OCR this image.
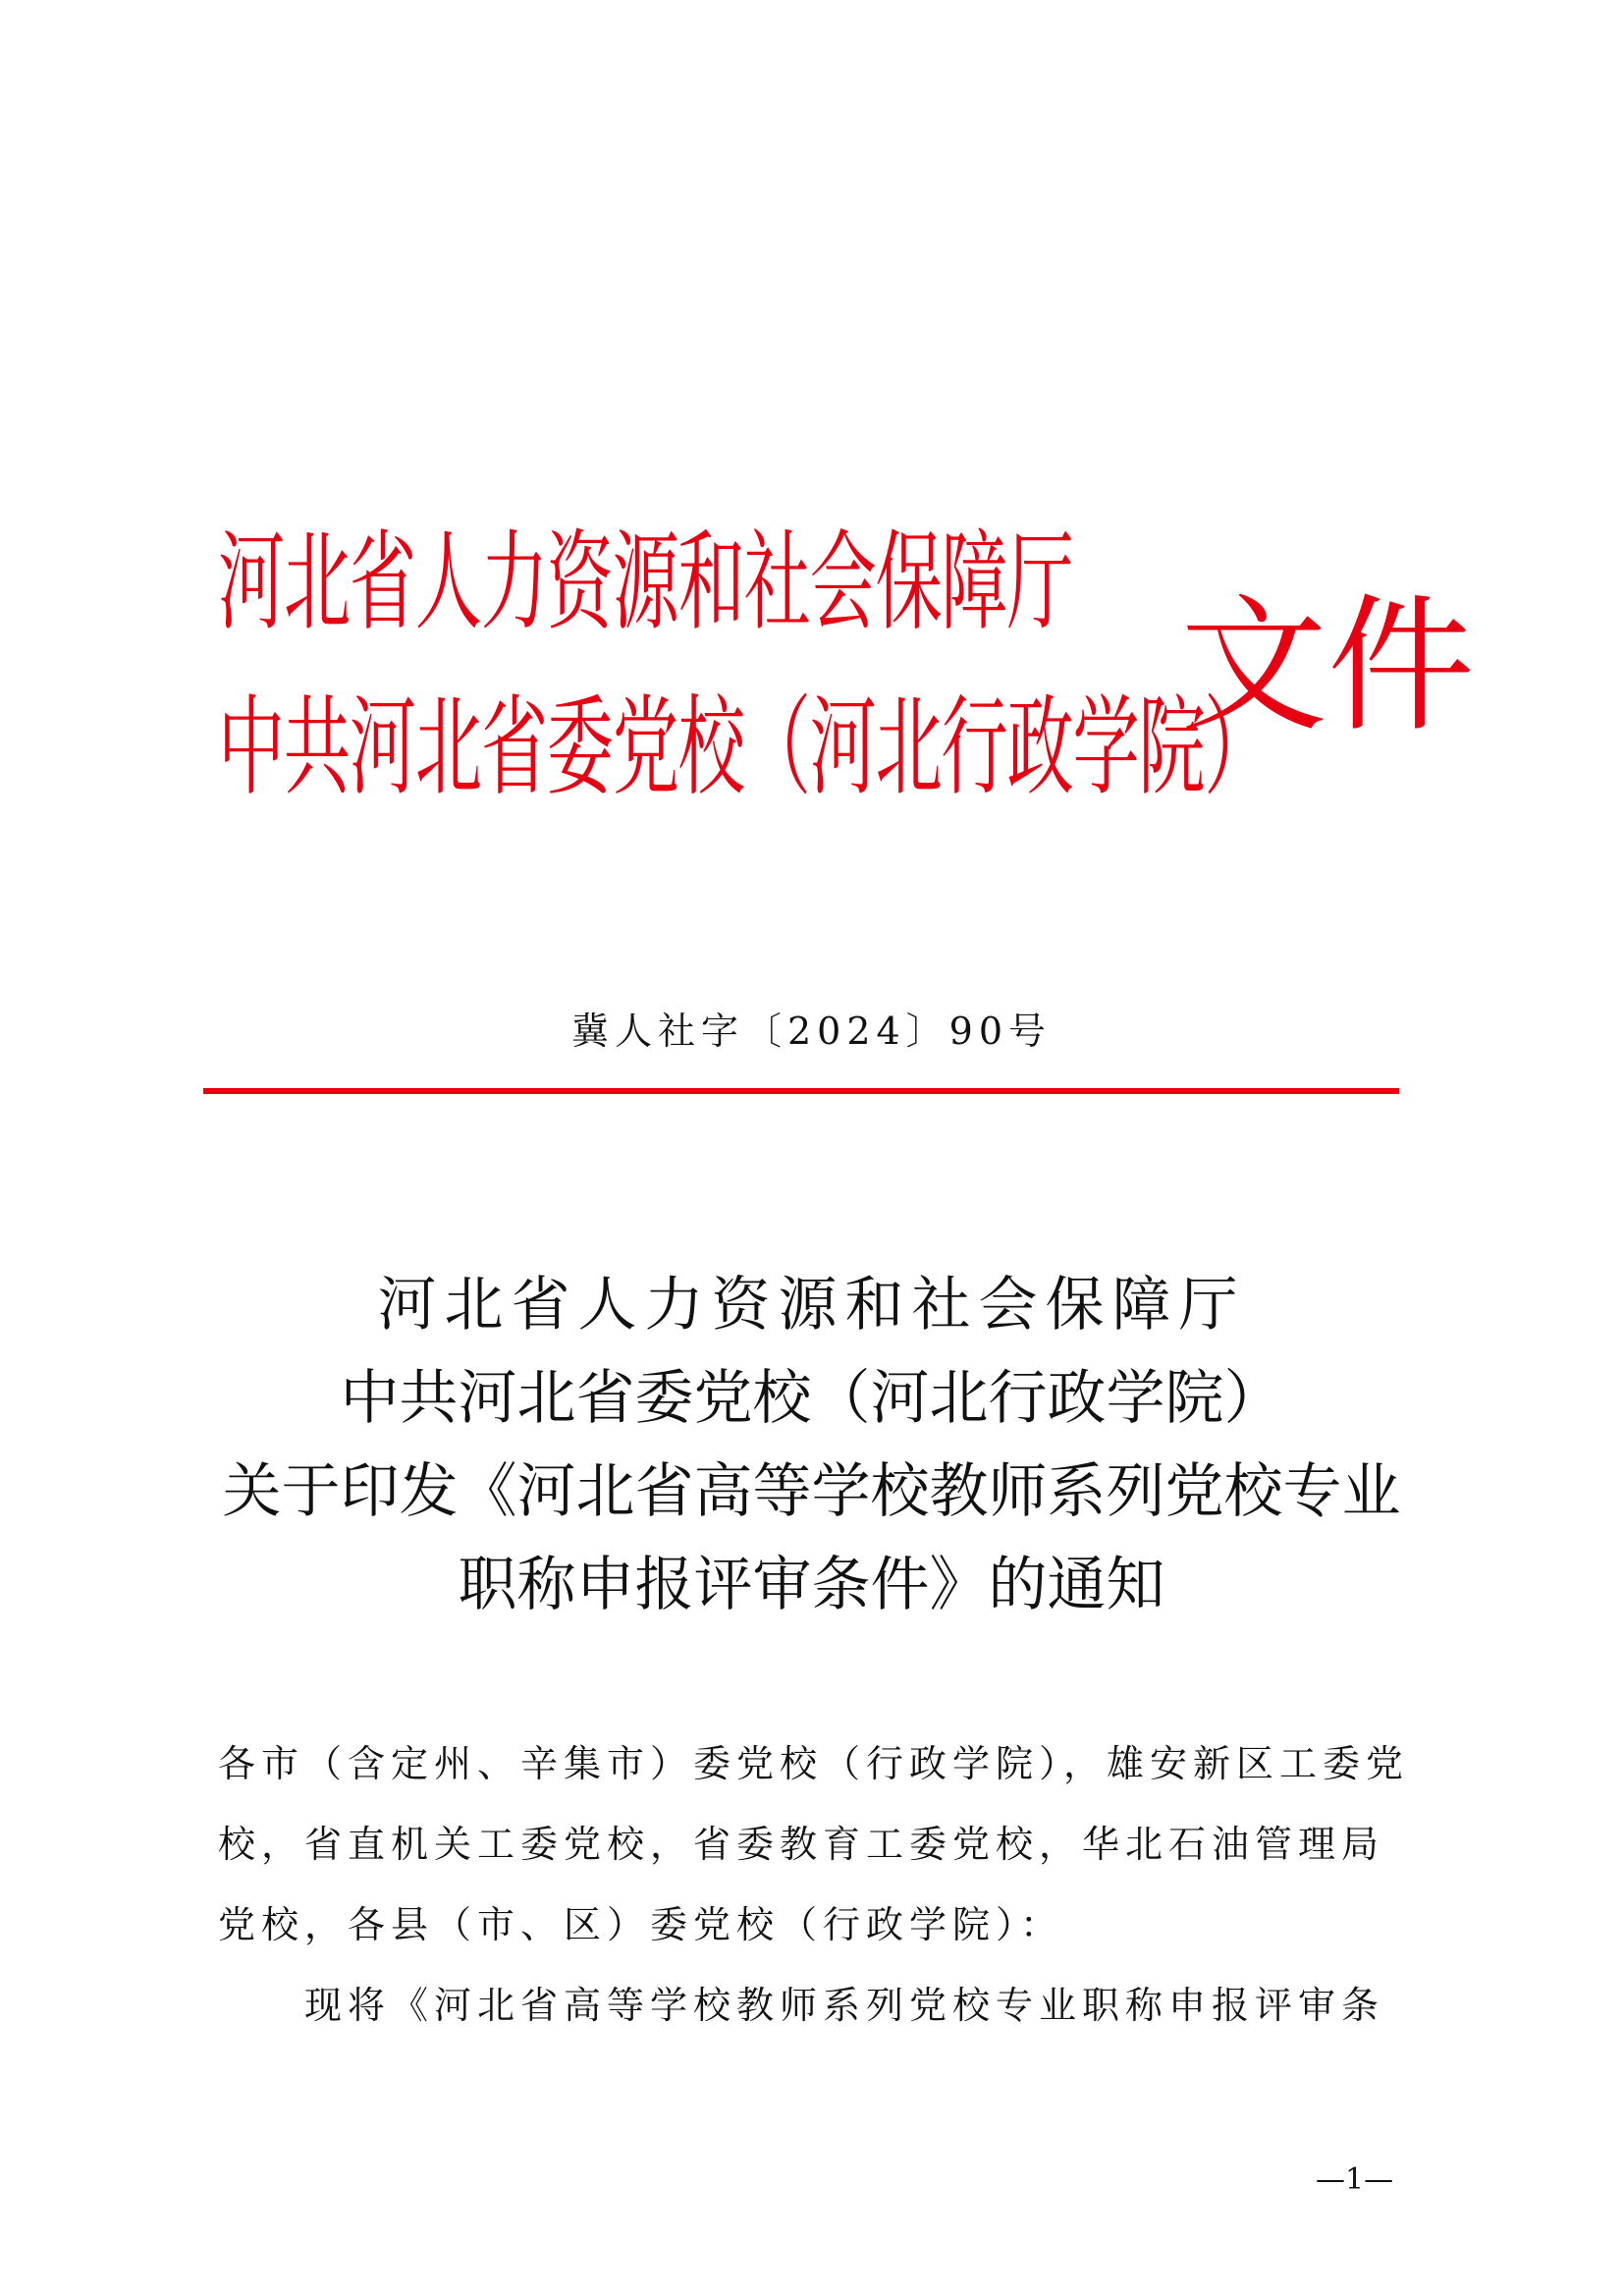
河北省人力资源和社会保障厅
中共河北省委党校（河北行政学院）
文件
冀人社字〔2024〕90号
河北省人力资源和社会保障厅
中共河北省委党校（河北行政学院）
关于印发《河北省高等学校教师系列党校专业
职称申报评审条件》的通知

各市（含定州、辛集市）委党校（行政学院），雄安新区工委党校，省直机关工委党校，省委教育工委党校，华北石油管理局党校，各县（市、区）委党校（行政学院）：

现将《河北省高等学校教师系列党校专业职称申报评审条

—1—
